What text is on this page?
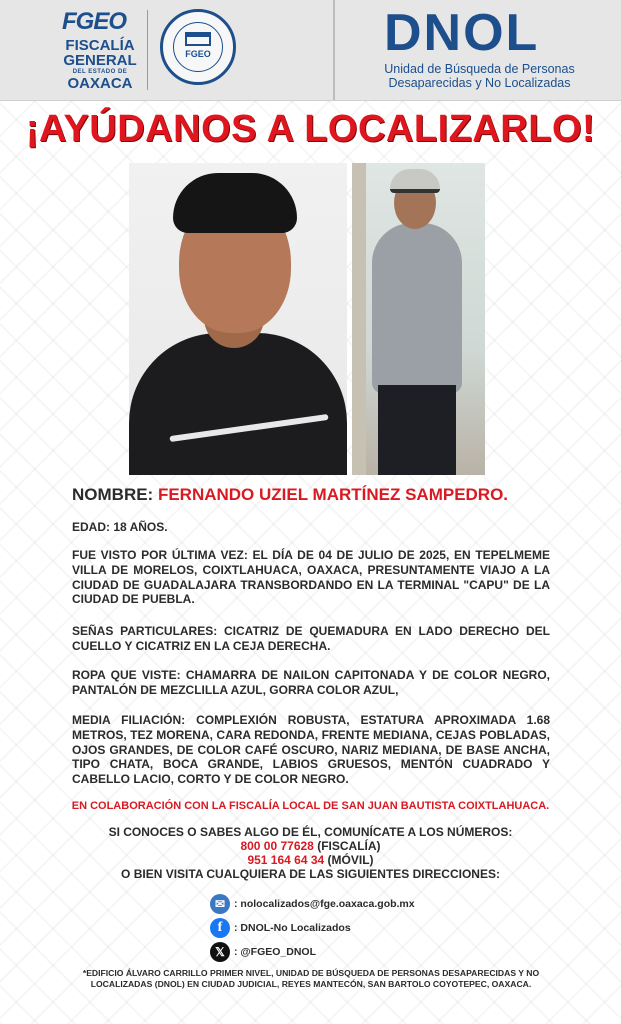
FGEO
FISCALÍA
GENERAL
DEL ESTADO DE
OAXACA
FGEO	DNOL
Unidad de Búsqueda de Personas Desaparecidas y No Localizadas
¡AYÚDANOS A LOCALIZARLO!
NOMBRE: FERNANDO UZIEL MARTÍNEZ SAMPEDRO.
EDAD: 18 AÑOS.
FUE VISTO POR ÚLTIMA VEZ: EL DÍA DE 04 DE JULIO DE 2025, EN TEPELMEME VILLA DE MORELOS, COIXTLAHUACA, OAXACA, PRESUNTAMENTE VIAJO A LA CIUDAD DE GUADALAJARA TRANSBORDANDO EN LA TERMINAL "CAPU" DE LA CIUDAD DE PUEBLA.
SEÑAS PARTICULARES: CICATRIZ DE QUEMADURA EN LADO DERECHO DEL CUELLO Y CICATRIZ EN LA CEJA DERECHA.
ROPA QUE VISTE: CHAMARRA DE NAILON CAPITONADA Y DE COLOR NEGRO, PANTALÓN DE MEZCLILLA AZUL, GORRA COLOR AZUL,
MEDIA FILIACIÓN: COMPLEXIÓN ROBUSTA, ESTATURA APROXIMADA 1.68 METROS, TEZ MORENA, CARA REDONDA, FRENTE MEDIANA, CEJAS POBLADAS, OJOS GRANDES, DE COLOR CAFÉ OSCURO, NARIZ MEDIANA, DE BASE ANCHA, TIPO CHATA, BOCA GRANDE, LABIOS GRUESOS, MENTÓN CUADRADO Y CABELLO LACIO, CORTO Y DE COLOR NEGRO.
EN COLABORACIÓN CON LA FISCALÍA LOCAL DE SAN JUAN BAUTISTA COIXTLAHUACA.
SI CONOCES O SABES ALGO DE ÉL, COMUNÍCATE A LOS NÚMEROS:
800 00 77628 (FISCALÍA)
951 164 64 34 (MÓVIL)
O BIEN VISITA CUALQUIERA DE LAS SIGUIENTES DIRECCIONES:
✉ : nolocalizados@fge.oaxaca.gob.mx
f	: DNOL-No Localizados
𝕏 : @FGEO_DNOL
*EDIFICIO ÁLVARO CARRILLO PRIMER NIVEL, UNIDAD DE BÚSQUEDA DE PERSONAS DESAPARECIDAS Y NO LOCALIZADAS (DNOL) EN CIUDAD JUDICIAL, REYES MANTECÓN, SAN BARTOLO COYOTEPEC, OAXACA.
